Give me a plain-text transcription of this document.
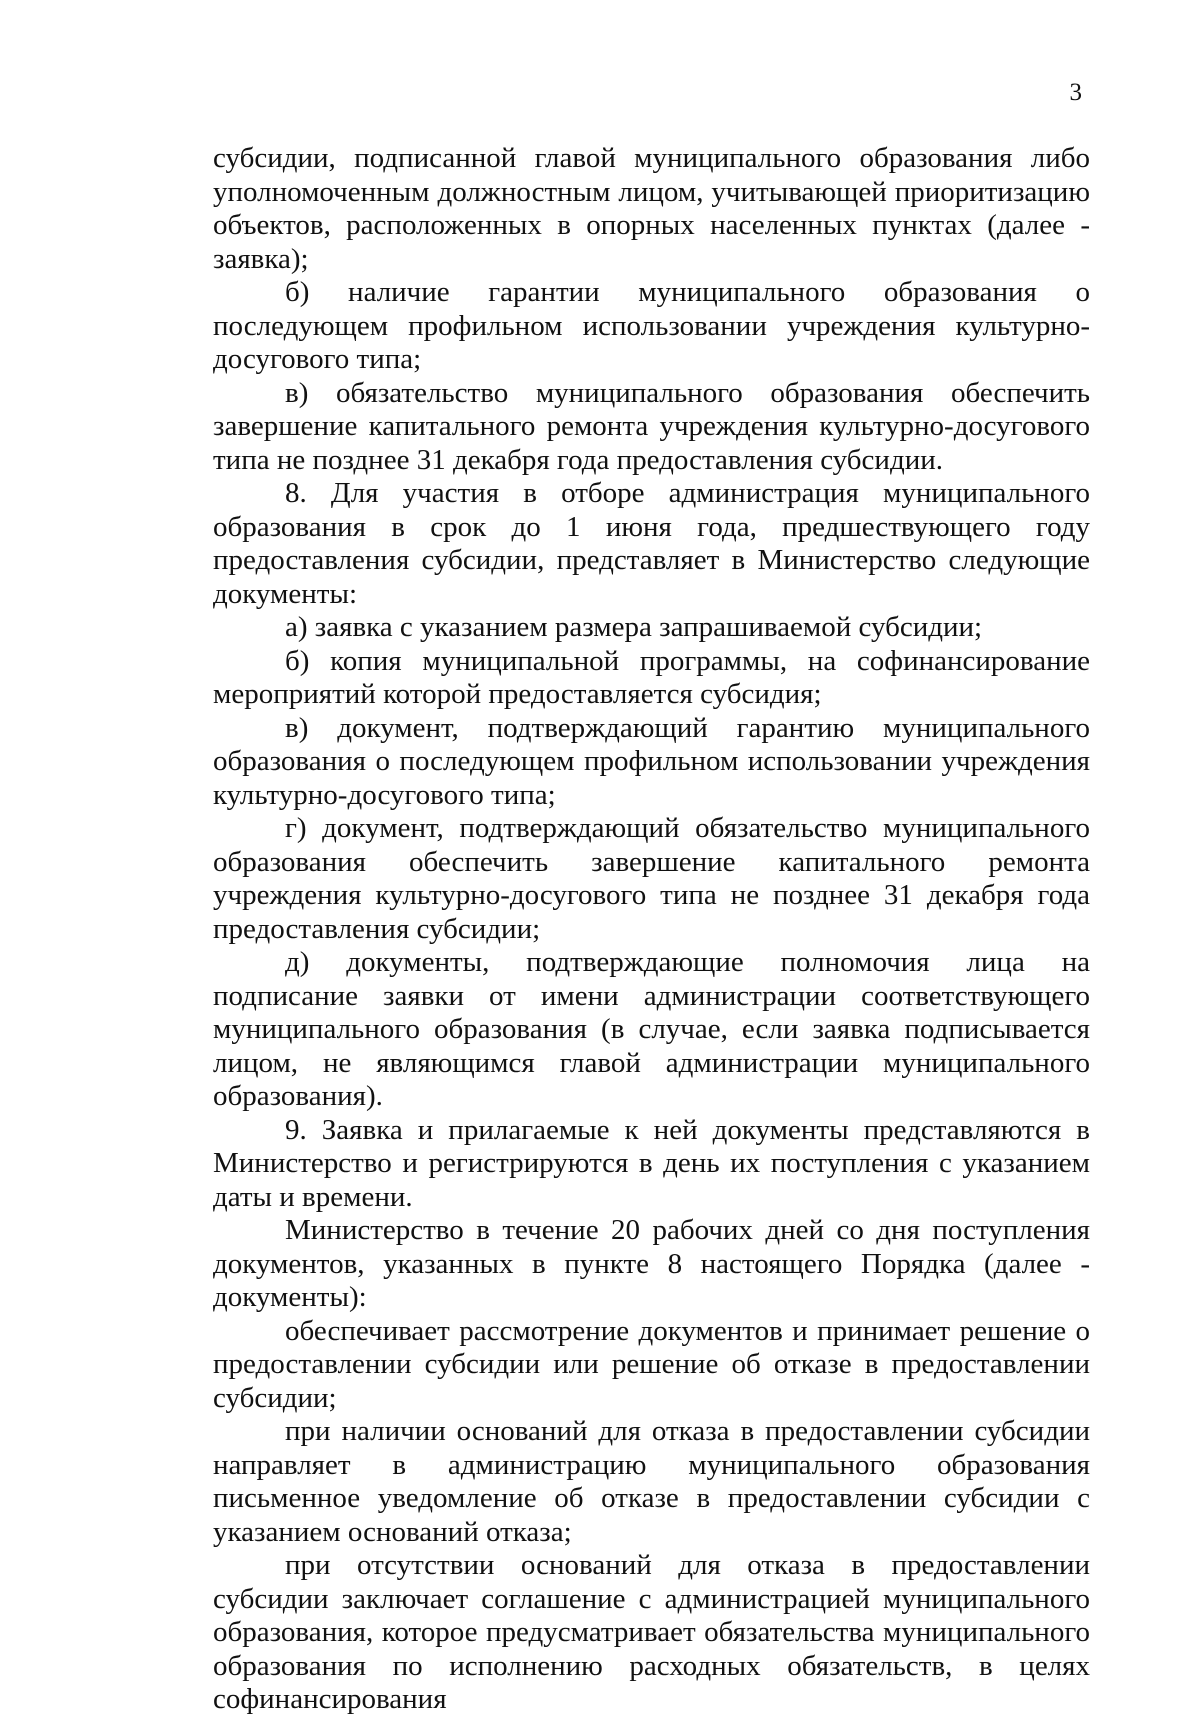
3

субсидии, подписанной главой муниципального образования либо уполномоченным должностным лицом, учитывающей приоритизацию объектов, расположенных в опорных населенных пунктах (далее - заявка);

б) наличие гарантии муниципального образования о последующем профильном использовании учреждения культурно-досугового типа;

в) обязательство муниципального образования обеспечить завершение капитального ремонта учреждения культурно-досугового типа не позднее 31 декабря года предоставления субсидии.

8. Для участия в отборе администрация муниципального образования в срок до 1 июня года, предшествующего году предоставления субсидии, представляет в Министерство следующие документы:

а) заявка с указанием размера запрашиваемой субсидии;

б) копия муниципальной программы, на софинансирование мероприятий которой предоставляется субсидия;

в) документ, подтверждающий гарантию муниципального образования о последующем профильном использовании учреждения культурно-досугового типа;

г) документ, подтверждающий обязательство муниципального образования обеспечить завершение капитального ремонта учреждения культурно-досугового типа не позднее 31 декабря года предоставления субсидии;

д) документы, подтверждающие полномочия лица на подписание заявки от имени администрации соответствующего муниципального образования (в случае, если заявка подписывается лицом, не являющимся главой администрации муниципального образования).

9. Заявка и прилагаемые к ней документы представляются в Министерство и регистрируются в день их поступления с указанием даты и времени.

Министерство в течение 20 рабочих дней со дня поступления документов, указанных в пункте 8 настоящего Порядка (далее - документы):

обеспечивает рассмотрение документов и принимает решение о предоставлении субсидии или решение об отказе в предоставлении субсидии;

при наличии оснований для отказа в предоставлении субсидии направляет в администрацию муниципального образования письменное уведомление об отказе в предоставлении субсидии с указанием оснований отказа;

при отсутствии оснований для отказа в предоставлении субсидии заключает соглашение с администрацией муниципального образования, которое предусматривает обязательства муниципального образования по исполнению расходных обязательств, в целях софинансирования
